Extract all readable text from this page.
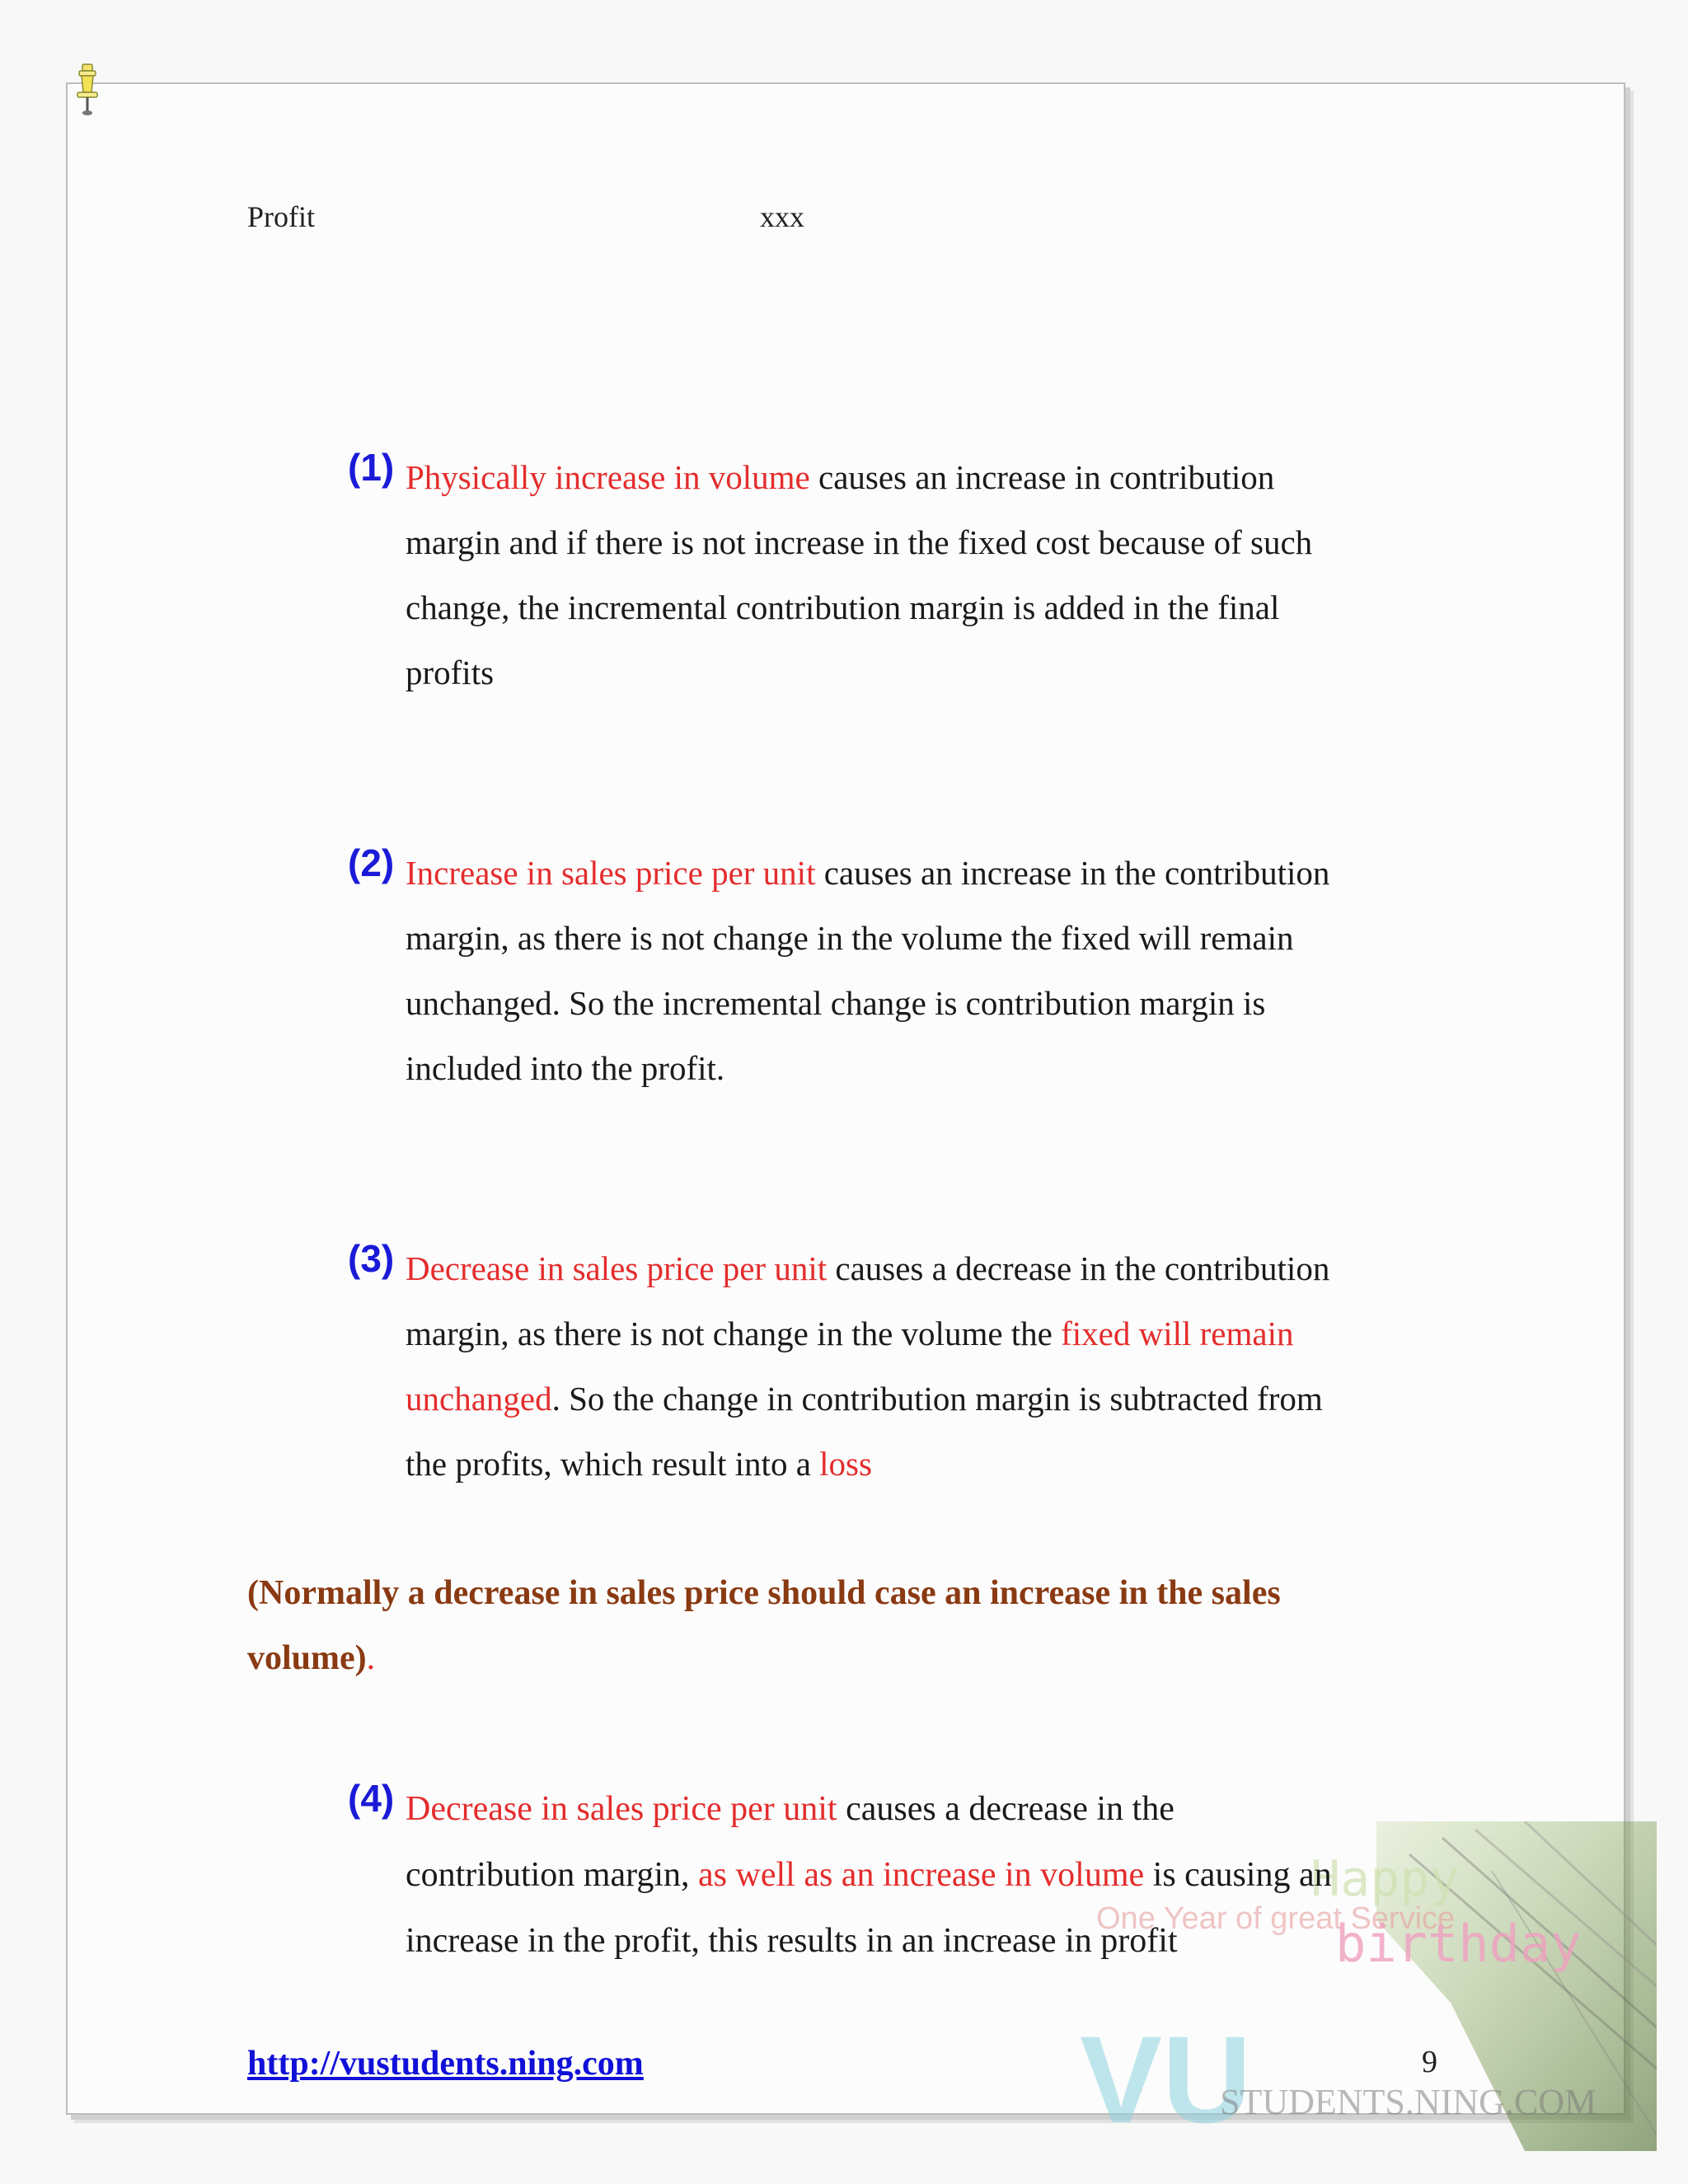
Profit	xxx
(1) Physically increase in volume causes an increase in contribution
margin and if there is not increase in the fixed cost because of such
change, the incremental contribution margin is added in the final
profits
(2) Increase in sales price per unit causes an increase in the contribution
margin, as there is not change in the volume the fixed will remain
unchanged. So the incremental change is contribution margin is
included into the profit.
(3) Decrease in sales price per unit causes a decrease in the contribution
margin, as there is not change in the volume the fixed will remain
unchanged. So the change in contribution margin is subtracted from
the profits, which result into a loss
(Normally a decrease in sales price should case an increase in the sales
volume).
One Year of great Service
Happy
birthday
VU
STUDENTS.NING.COM
(4) Decrease in sales price per unit causes a decrease in the
contribution margin, as well as an increase in volume is causing an
increase in the profit, this results in an increase in profit
http://vustudents.ning.com	9
